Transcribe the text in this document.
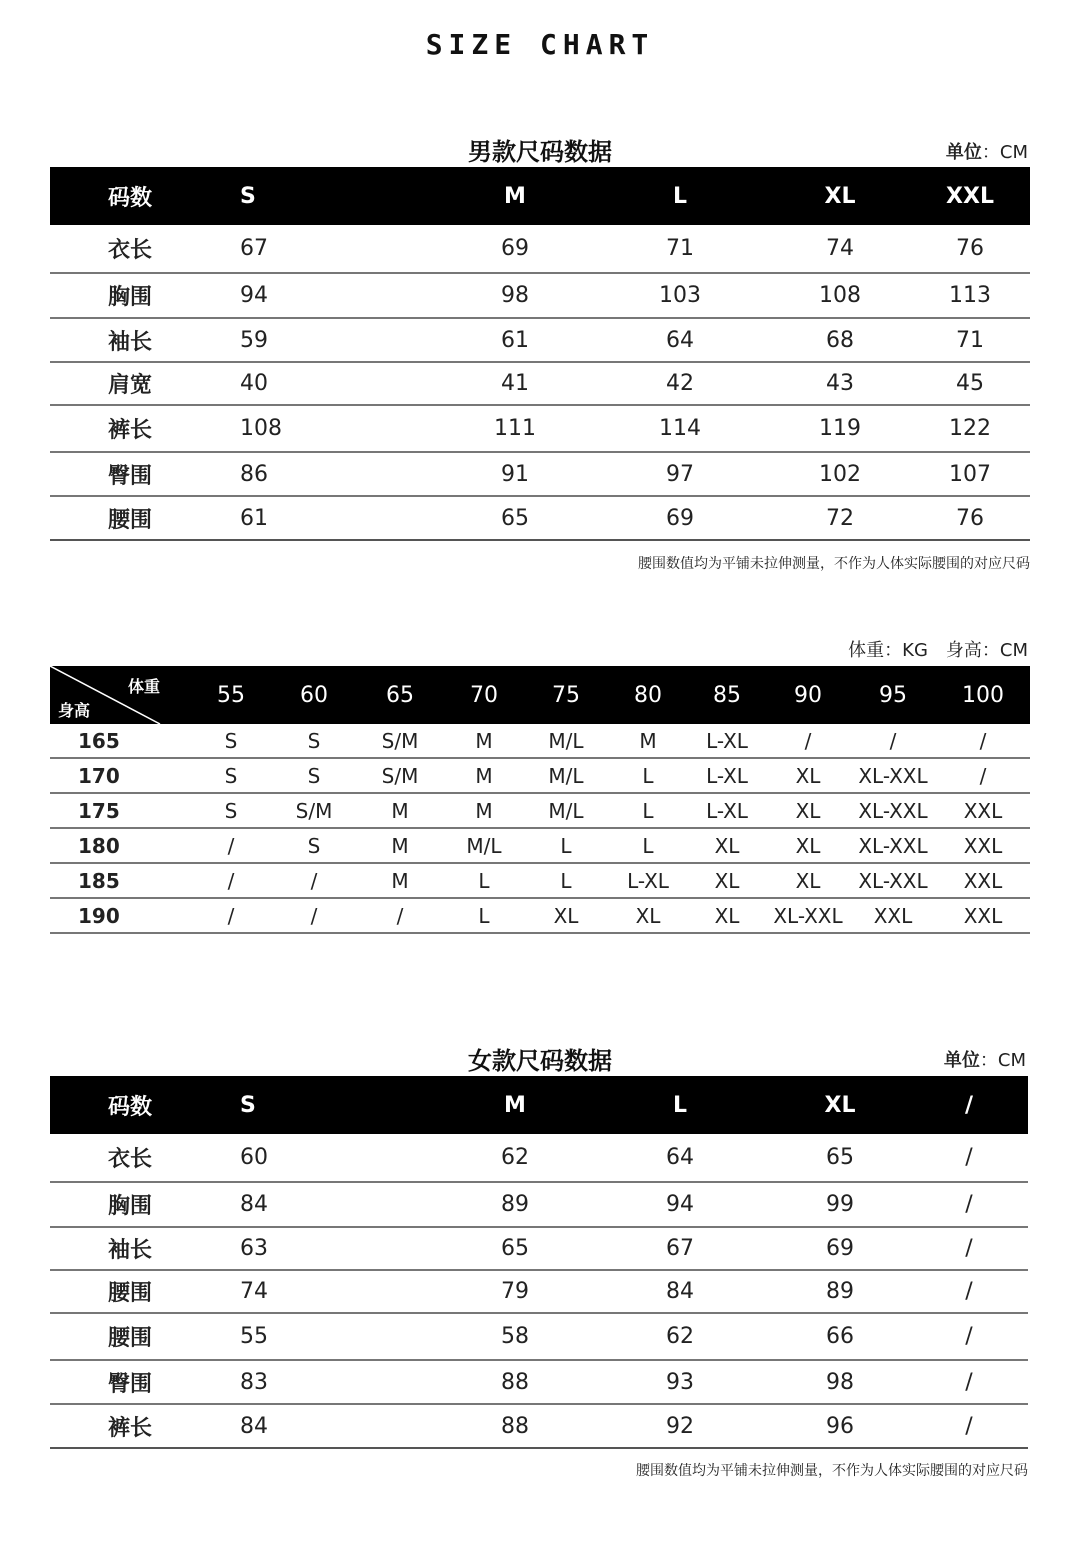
SIZE CHART
男款尺码数据	单位：CM
码数	S	M	L	XL	XXL
衣长	67	69	71	74	76
胸围	94	98	103	108	113
袖长	59	61	64	68	71
肩宽	40	41	42	43	45
裤长	108	111	114	119	122
臀围	86	91	97	102	107
腰围	61	65	69	72	76
腰围数值均为平铺未拉伸测量，不作为人体实际腰围的对应尺码
体重：KG　身高：CM
体重
身高	55	60	65	70	75	80	85	90	95	100
165	S	S	S/M	M	M/L	M	L-XL	/	/	/
170	S	S	S/M	M	M/L	L	L-XL	XL	XL-XXL	/
175	S	S/M	M	M	M/L	L	L-XL	XL	XL-XXL	XXL
180	/	S	M	M/L	L	L	XL	XL	XL-XXL	XXL
185	/	/	M	L	L	L-XL	XL	XL	XL-XXL	XXL
190	/	/	/	L	XL	XL	XL	XL-XXL	XXL	XXL
女款尺码数据	单位：CM
码数	S	M	L	XL	/
衣长	60	62	64	65	/
胸围	84	89	94	99	/
袖长	63	65	67	69	/
腰围	74	79	84	89	/
腰围	55	58	62	66	/
臀围	83	88	93	98	/
裤长	84	88	92	96	/
腰围数值均为平铺未拉伸测量，不作为人体实际腰围的对应尺码
